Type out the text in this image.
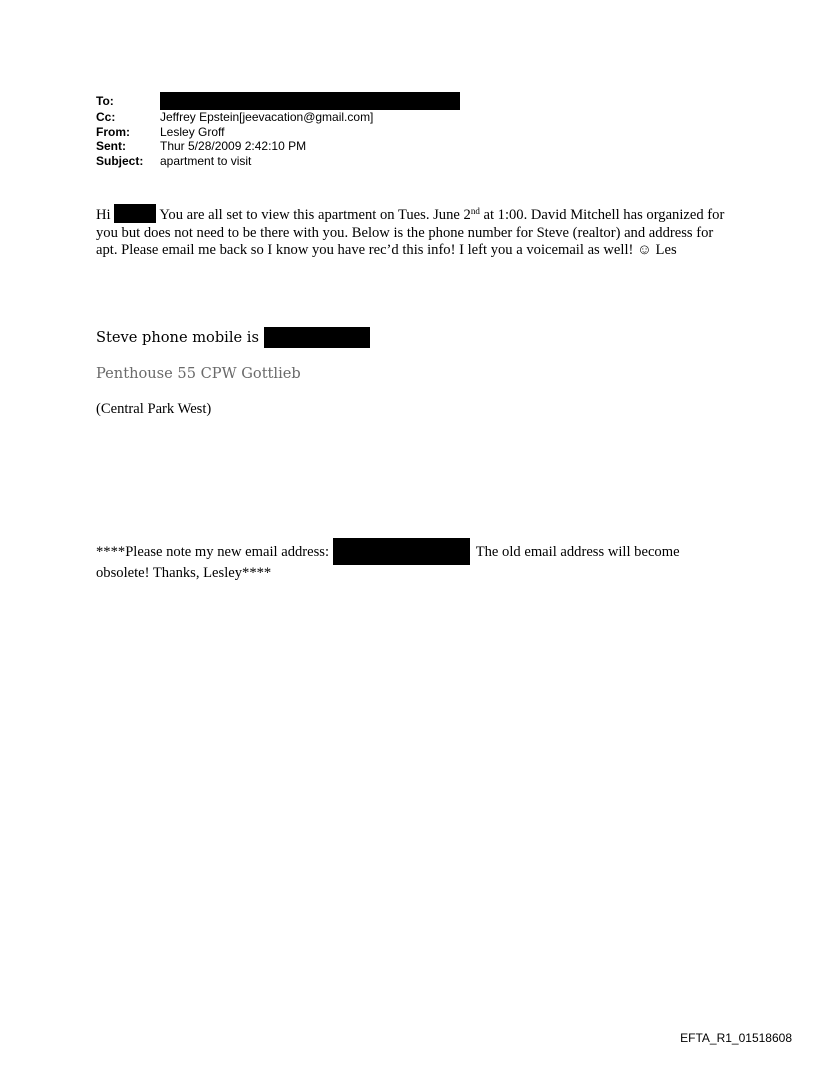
To:
Cc:	Jeffrey Epstein[jeevacation@gmail.com]
From:	Lesley Groff
Sent:	Thur 5/28/2009 2:42:10 PM
Subject:	apartment to visit
Hi	You are all set to view this apartment on Tues. June 2nd at 1:00. David Mitchell has organized for you but does not need to be there with you. Below is the phone number for Steve (realtor) and address for apt. Please email me back so I know you have rec’d this info! I left you a voicemail as well! ☺ Les
Steve phone mobile is
Penthouse 55 CPW Gottlieb
(Central Park West)
****Please note my new email address:	The old email address will become obsolete! Thanks, Lesley****
EFTA_R1_01518608
